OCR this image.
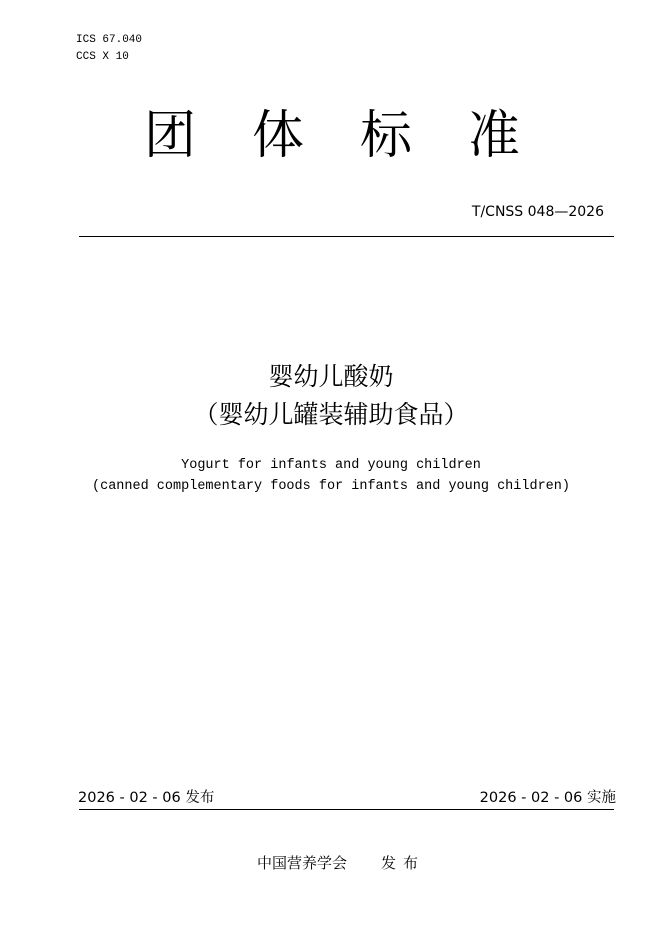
ICS 67.040
CCS X 10
团体标准
T/CNSS 048—2026
婴幼儿酸奶
（婴幼儿罐装辅助食品）
Yogurt for infants and young children
(canned complementary foods for infants and young children)
2026 - 02 - 06 发布	2026 - 02 - 06 实施
中国营养学会 发布
